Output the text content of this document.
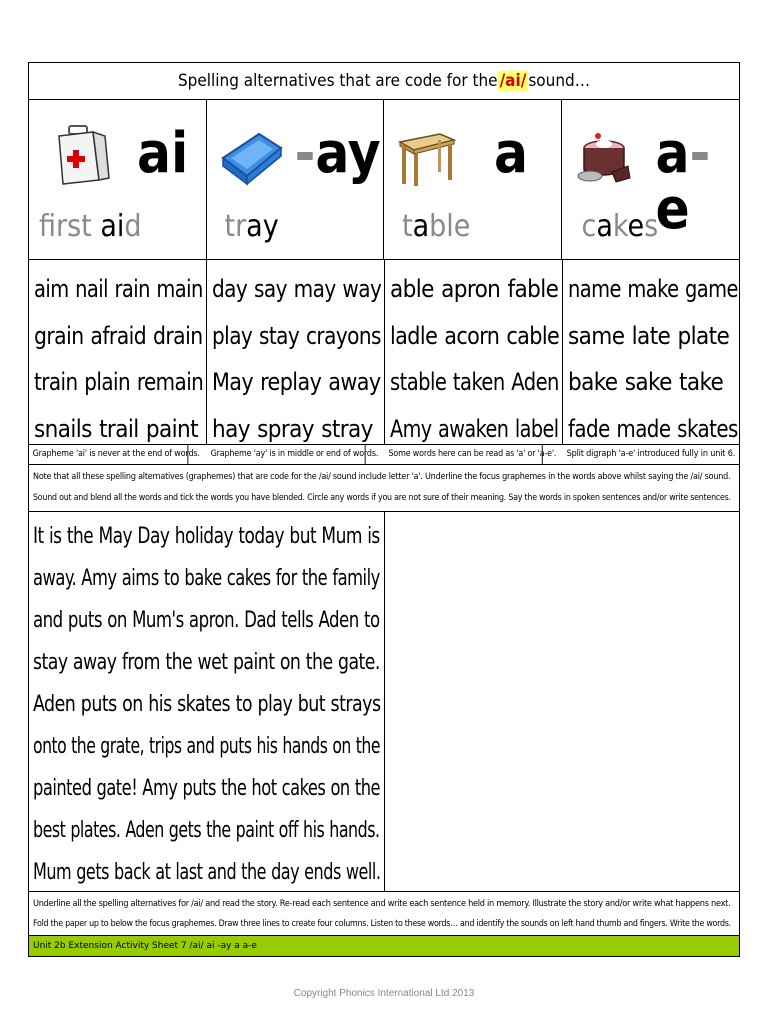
Spelling alternatives that are code for the /ai/ sound…
ai
first aid
-ay
tray
a
table
a-e
cakes
aim nail rain main
grain afraid drain
train plain remain
snails trail paint
day say may way
play stay crayons
May replay away
hay spray stray
able apron fable
ladle acorn cable
stable taken Aden
Amy awaken label
name make game
same late plate
bake sake take
fade made skates
Grapheme 'ai' is never at the end of words.	Grapheme 'ay' is in middle or end of words.	Some words here can be read as 'a' or 'a-e'.	Split digraph 'a-e' introduced fully in unit 6.
Note that all these spelling alternatives (graphemes) that are code for the /ai/ sound include letter 'a'. Underline the focus graphemes in the words above whilst saying the /ai/ sound.
Sound out and blend all the words and tick the words you have blended. Circle any words if you are not sure of their meaning. Say the words in spoken sentences and/or write sentences.
It is the May Day holiday today but Mum is
away. Amy aims to bake cakes for the family
and puts on Mum's apron. Dad tells Aden to
stay away from the wet paint on the gate.
Aden puts on his skates to play but strays
onto the grate, trips and puts his hands on the
painted gate! Amy puts the hot cakes on the
best plates. Aden gets the paint off his hands.
Mum gets back at last and the day ends well.
Underline all the spelling alternatives for /ai/ and read the story. Re-read each sentence and write each sentence held in memory. Illustrate the story and/or write what happens next.
Fold the paper up to below the focus graphemes. Draw three lines to create four columns. Listen to these words… and identify the sounds on left hand thumb and fingers. Write the words.
Unit 2b Extension Activity Sheet 7 /ai/ ai -ay a a-e
Copyright Phonics International Ltd 2013
